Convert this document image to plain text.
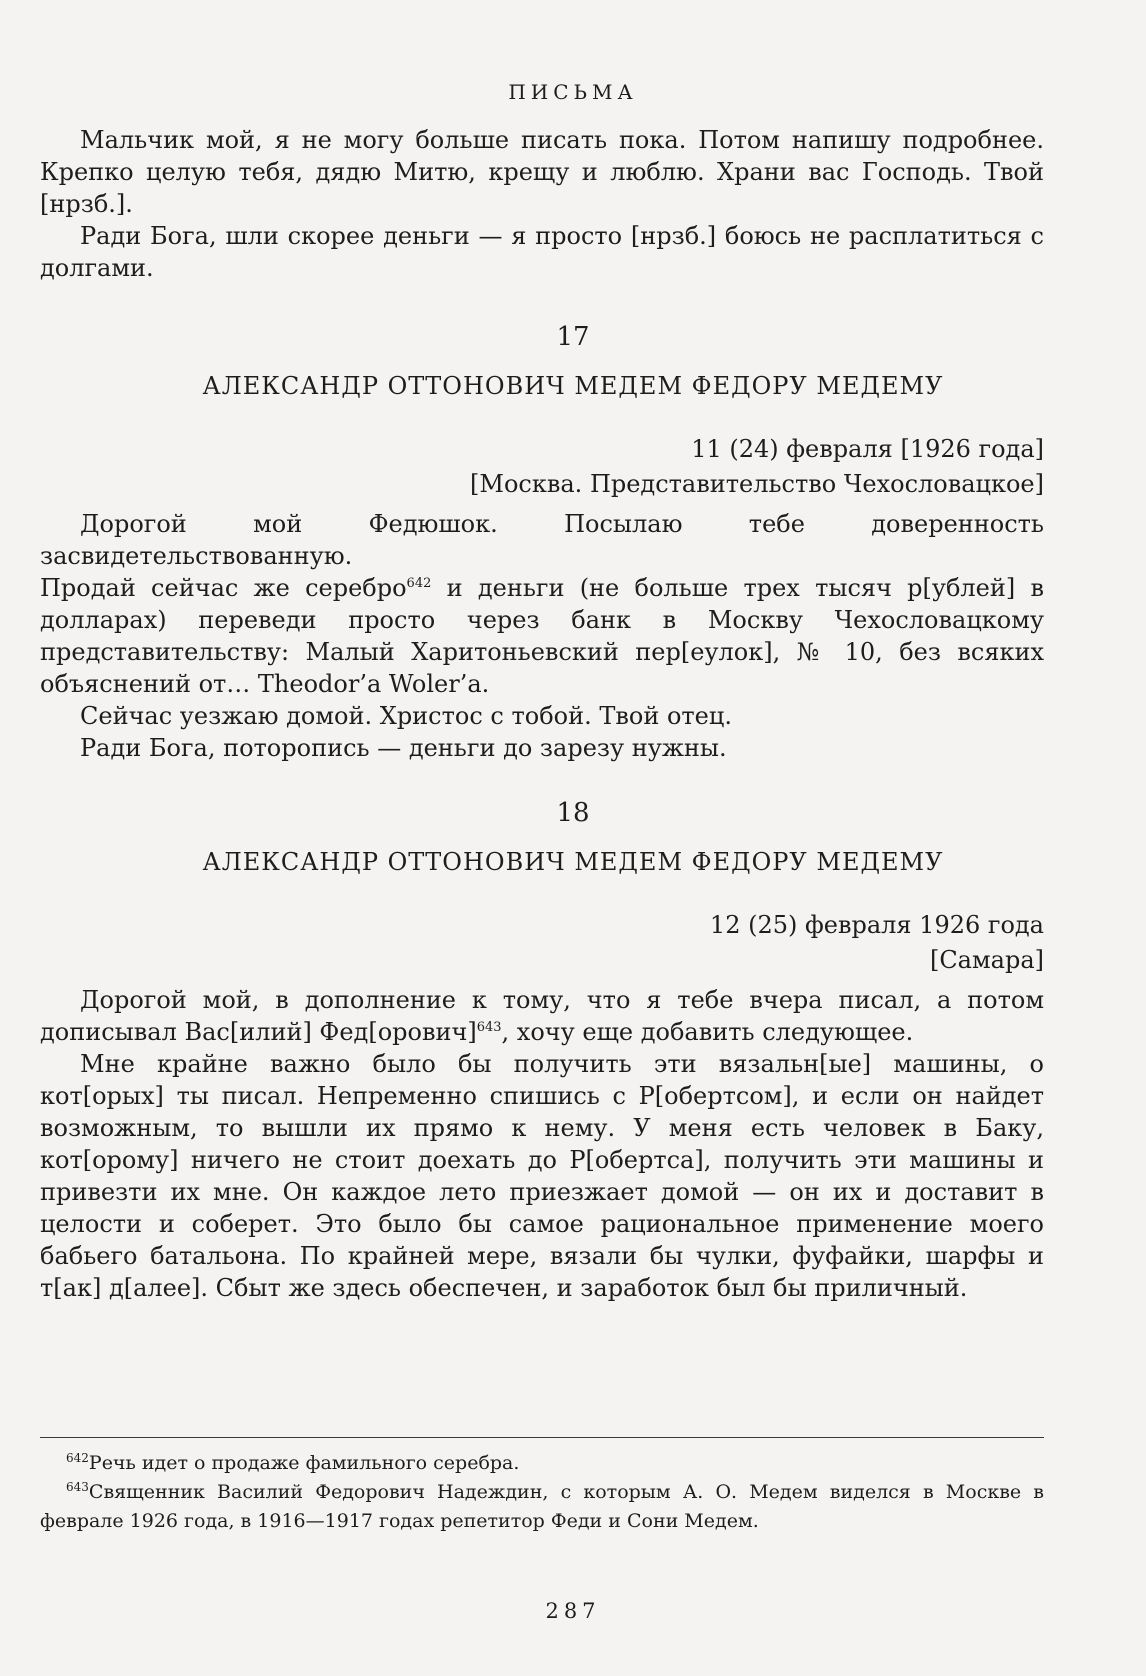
ПИСЬМА

Мальчик мой, я не могу больше писать пока. Потом напишу подробнее. Крепко целую тебя, дядю Митю, крещу и люблю. Храни вас Господь. Твой [нрзб.].

Ради Бога, шли скорее деньги — я просто [нрзб.] боюсь не расплатиться с долгами.

17
АЛЕКСАНДР ОТТОНОВИЧ МЕДЕМ ФЕДОРУ МЕДЕМУ
11 (24) февраля [1926 года]
[Москва. Представительство Чехословацкое]

Дорогой мой Федюшок. Посылаю тебе доверенность засвидетельствованную.

Продай сейчас же серебро$^{642}$ и деньги (не больше трех тысяч р[ублей] в долларах) переведи просто через банк в Москву Чехословацкому представительству: Малый Харитоньевский пер[еулок], № 10, без всяких объяснений от… Theodor’a Woler’a.

Сейчас уезжаю домой. Христос с тобой. Твой отец.

Ради Бога, поторопись — деньги до зарезу нужны.

18
АЛЕКСАНДР ОТТОНОВИЧ МЕДЕМ ФЕДОРУ МЕДЕМУ
12 (25) февраля 1926 года
[Самара]

Дорогой мой, в дополнение к тому, что я тебе вчера писал, а потом дописывал Вас[илий] Фед[орович]$^{643}$, хочу еще добавить следующее.

Мне крайне важно было бы получить эти вязальн[ые] машины, о кот[орых] ты писал. Непременно спишись с Р[обертсом], и если он найдет возможным, то вышли их прямо к нему. У меня есть человек в Баку, кот[орому] ничего не стоит доехать до Р[обертса], получить эти машины и привезти их мне. Он каждое лето приезжает домой — он их и доставит в целости и соберет. Это было бы самое рациональное применение моего бабьего батальона. По крайней мере, вязали бы чулки, фуфайки, шарфы и т[ак] д[алее]. Сбыт же здесь обеспечен, и заработок был бы приличный.

$^{642}$Речь идет о продаже фамильного серебра.

$^{643}$Священник Василий Федорович Надеждин, с которым А. О. Медем виделся в Москве в феврале 1926 года, в 1916—1917 годах репетитор Феди и Сони Медем.

287
